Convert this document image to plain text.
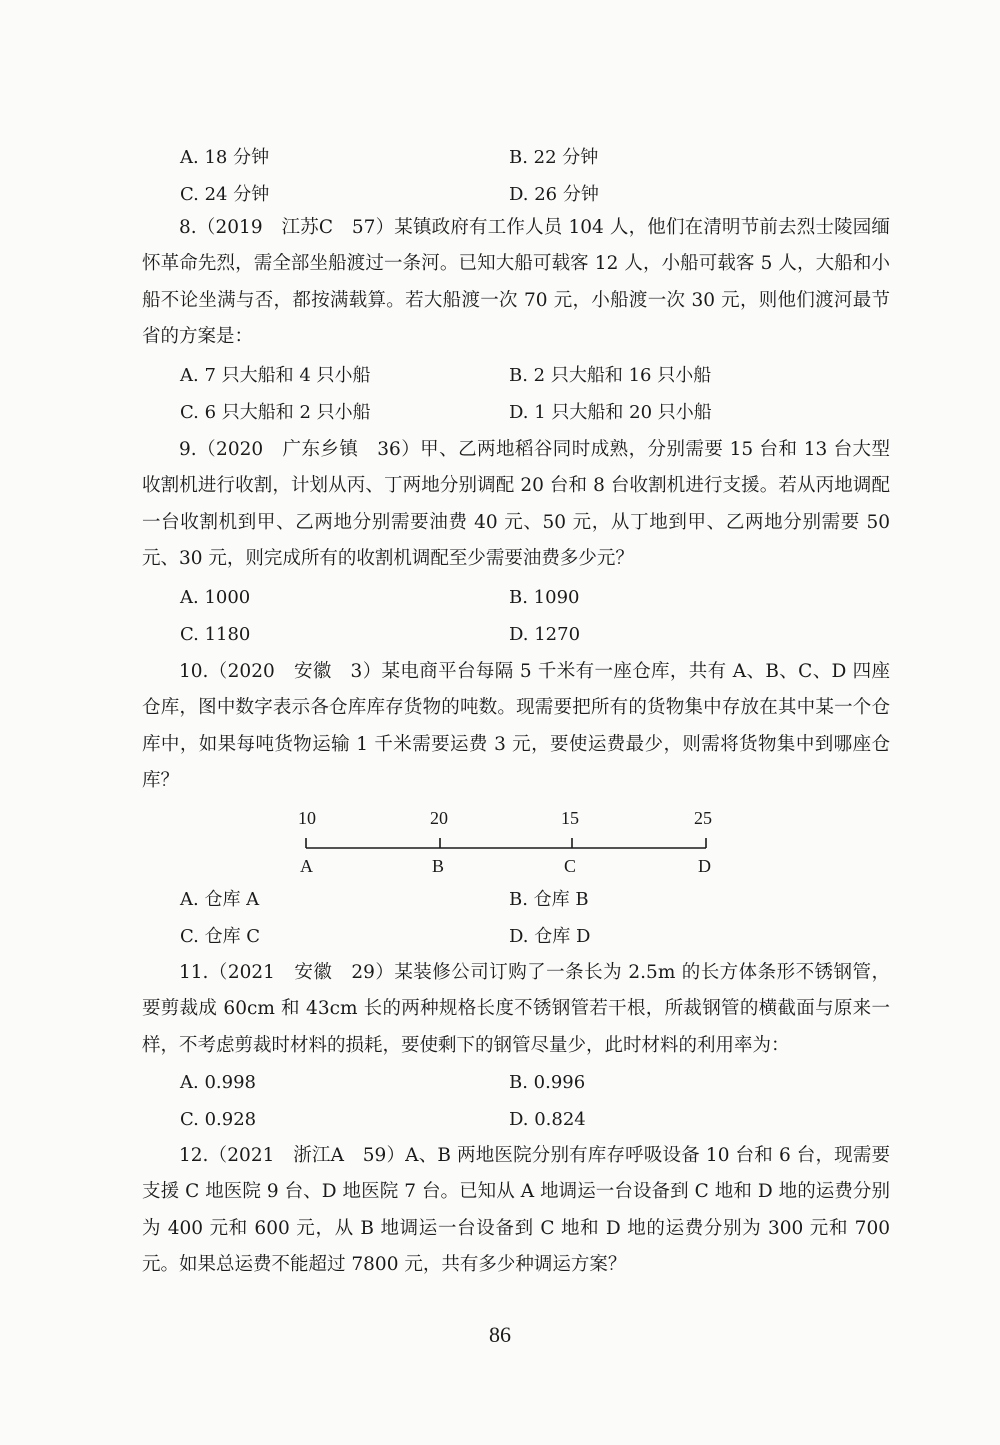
A. 18 分钟	B. 22 分钟
C. 24 分钟	D. 26 分钟
8.（2019　江苏C　57）某镇政府有工作人员 104 人，他们在清明节前去烈士陵园缅怀革命先烈，需全部坐船渡过一条河。已知大船可载客 12 人，小船可载客 5 人，大船和小船不论坐满与否，都按满载算。若大船渡一次 70 元，小船渡一次 30 元，则他们渡河最节省的方案是：
A. 7 只大船和 4 只小船	B. 2 只大船和 16 只小船
C. 6 只大船和 2 只小船	D. 1 只大船和 20 只小船
9.（2020　广东乡镇　36）甲、乙两地稻谷同时成熟，分别需要 15 台和 13 台大型收割机进行收割，计划从丙、丁两地分别调配 20 台和 8 台收割机进行支援。若从丙地调配一台收割机到甲、乙两地分别需要油费 40 元、50 元，从丁地到甲、乙两地分别需要 50 元、30 元，则完成所有的收割机调配至少需要油费多少元？
A. 1000	B. 1090
C. 1180	D. 1270
10.（2020　安徽　3）某电商平台每隔 5 千米有一座仓库，共有 A、B、C、D 四座仓库，图中数字表示各仓库库存货物的吨数。现需要把所有的货物集中存放在其中某一个仓库中，如果每吨货物运输 1 千米需要运费 3 元，要使运费最少，则需将货物集中到哪座仓库？
10	20	15	25
A	B	C	D
A. 仓库 A	B. 仓库 B
C. 仓库 C	D. 仓库 D
11.（2021　安徽　29）某装修公司订购了一条长为 2.5m 的长方体条形不锈钢管，要剪裁成 60cm 和 43cm 长的两种规格长度不锈钢管若干根，所裁钢管的横截面与原来一样，不考虑剪裁时材料的损耗，要使剩下的钢管尽量少，此时材料的利用率为：
A. 0.998	B. 0.996
C. 0.928	D. 0.824
12.（2021　浙江A　59）A、B 两地医院分别有库存呼吸设备 10 台和 6 台，现需要支援 C 地医院 9 台、D 地医院 7 台。已知从 A 地调运一台设备到 C 地和 D 地的运费分别为 400 元和 600 元，从 B 地调运一台设备到 C 地和 D 地的运费分别为 300 元和 700 元。如果总运费不能超过 7800 元，共有多少种调运方案？
86
